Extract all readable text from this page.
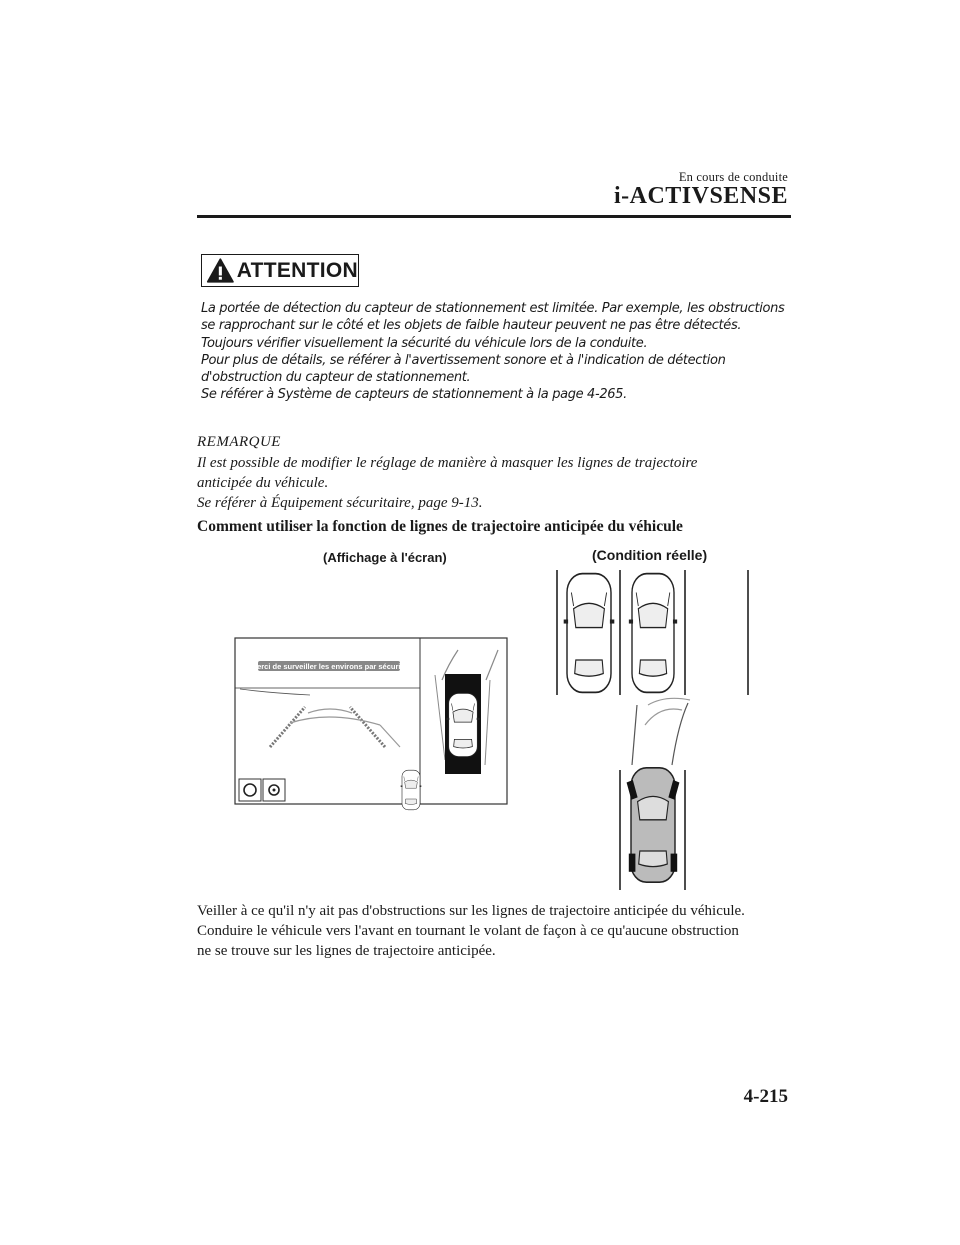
En cours de conduite
i-ACTIVSENSE
ATTENTION
La portée de détection du capteur de stationnement est limitée. Par exemple, les obstructions
se rapprochant sur le côté et les objets de faible hauteur peuvent ne pas être détectés.
Toujours vérifier visuellement la sécurité du véhicule lors de la conduite.
Pour plus de détails, se référer à l'avertissement sonore et à l'indication de détection
d'obstruction du capteur de stationnement.
Se référer à Système de capteurs de stationnement à la page 4-265.
REMARQUE
Il est possible de modifier le réglage de manière à masquer les lignes de trajectoire
anticipée du véhicule.
Se référer à Équipement sécuritaire, page 9-13.
Comment utiliser la fonction de lignes de trajectoire anticipée du véhicule
(Affichage à l'écran)	(Condition réelle)
Merci de surveiller les environs par sécurité
Veiller à ce qu'il n'y ait pas d'obstructions sur les lignes de trajectoire anticipée du véhicule.
Conduire le véhicule vers l'avant en tournant le volant de façon à ce qu'aucune obstruction
ne se trouve sur les lignes de trajectoire anticipée.
4-215
